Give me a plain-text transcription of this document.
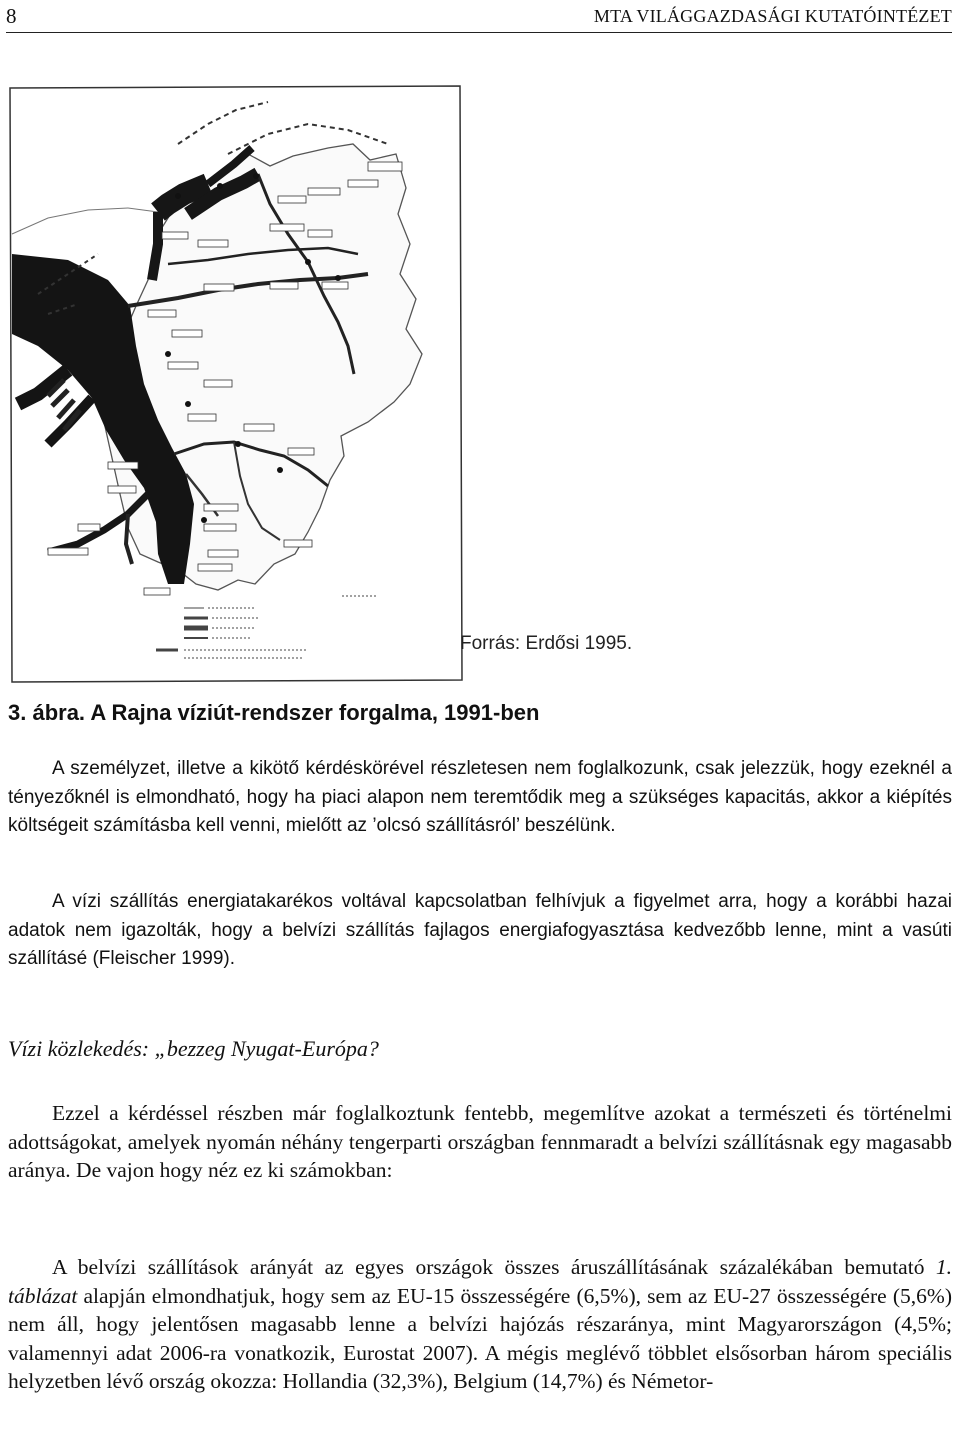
8	MTA VILÁGGAZDASÁGI KUTATÓINTÉZET
Forrás: Erdősi 1995.
3. ábra. A Rajna víziút-rendszer forgalma, 1991-ben

A személyzet, illetve a kikötő kérdéskörével részletesen nem foglalkozunk, csak jelezzük, hogy ezeknél a tényezőknél is elmondható, hogy ha piaci alapon nem teremtődik meg a szükséges kapacitás, akkor a kiépítés költségeit számításba kell venni, mielőtt az ’olcsó szállításról’ beszélünk.

A vízi szállítás energiatakarékos voltával kapcsolatban felhívjuk a figyelmet arra, hogy a korábbi hazai adatok nem igazolták, hogy a belvízi szállítás fajlagos energiafogyasztása kedvezőbb lenne, mint a vasúti szállításé (Fleischer 1999).

Vízi közlekedés: „bezzeg Nyugat-Európa?

Ezzel a kérdéssel részben már foglalkoztunk fentebb, megemlítve azokat a természeti és történelmi adottságokat, amelyek nyomán néhány tengerparti országban fennmaradt a belvízi szállításnak egy magasabb aránya. De vajon hogy néz ez ki számokban:

A belvízi szállítások arányát az egyes országok összes áruszállításának százalékában bemutató 1. táblázat alapján elmondhatjuk, hogy sem az EU-15 összességére (6,5%), sem az EU-27 összességére (5,6%) nem áll, hogy jelentősen magasabb lenne a belvízi hajózás részaránya, mint Magyarországon (4,5%; valamennyi adat 2006-ra vonatkozik, Eurostat 2007). A mégis meglévő többlet elsősorban három speciális helyzetben lévő ország okozza: Hollandia (32,3%), Belgium (14,7%) és Németor-
